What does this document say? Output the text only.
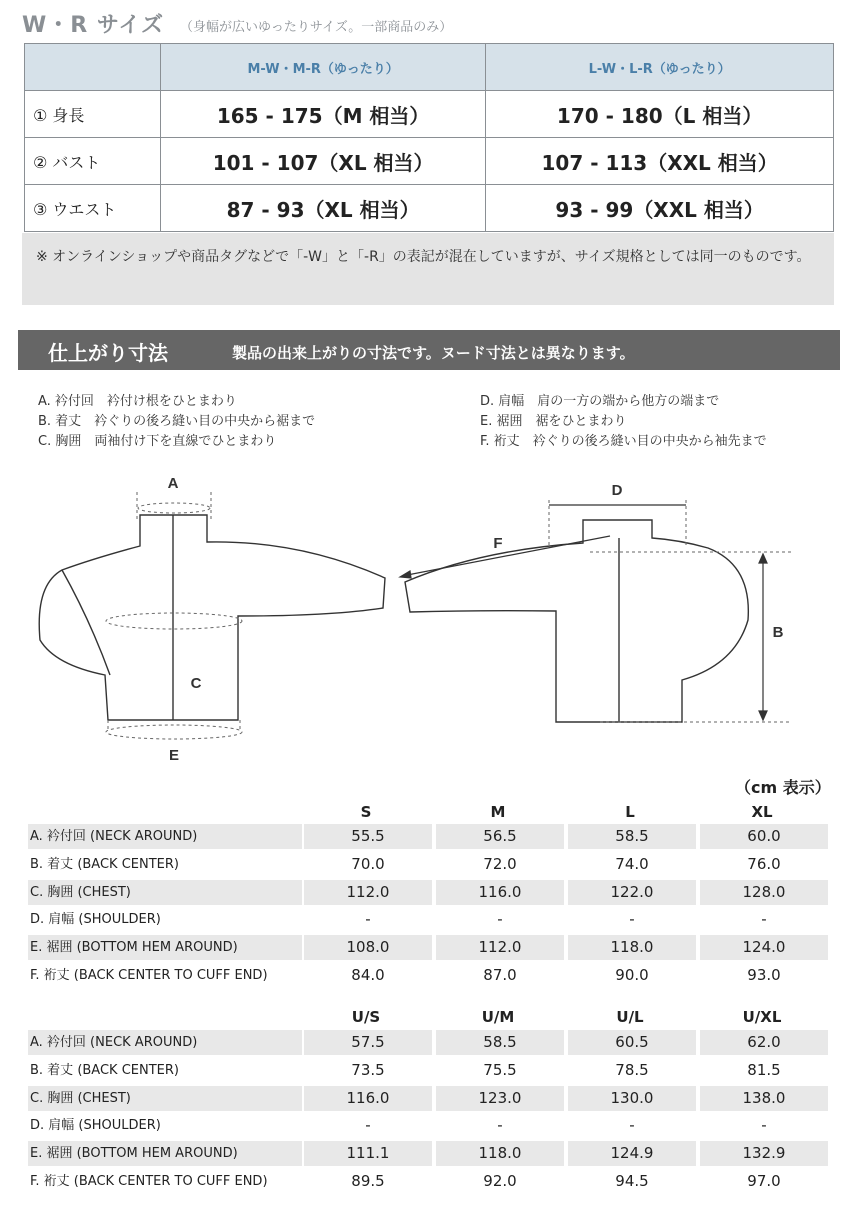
W・R サイズ （身幅が広いゆったりサイズ。一部商品のみ）
	M-W・M-R（ゆったり）	L-W・L-R（ゆったり）
① 身長	165 - 175（M 相当）	170 - 180（L 相当）
② バスト	101 - 107（XL 相当）	107 - 113（XXL 相当）
③ ウエスト	87 - 93（XL 相当）	93 - 99（XXL 相当）
※ オンラインショップや商品タグなどで「-W」と「-R」の表記が混在していますが、サイズ規格としては同一のものです。
仕上がり寸法	製品の出来上がりの寸法です。ヌード寸法とは異なります。
A. 衿付回　衿付け根をひとまわり
B. 着丈　衿ぐりの後ろ縫い目の中央から裾まで
C. 胸囲　両袖付け下を直線でひとまわり
D. 肩幅　肩の一方の端から他方の端まで
E. 裾囲　裾をひとまわり
F. 裄丈　衿ぐりの後ろ縫い目の中央から袖先まで
A
C
E
D
F
B
（cm 表示）
S	M	L	XL
A. 衿付回 (NECK AROUND)	55.5	56.5	58.5	60.0
B. 着丈 (BACK CENTER)	70.0	72.0	74.0	76.0
C. 胸囲 (CHEST)	112.0	116.0	122.0	128.0
D. 肩幅 (SHOULDER)	-	-	-	-
E. 裾囲 (BOTTOM HEM AROUND)	108.0	112.0	118.0	124.0
F. 裄丈 (BACK CENTER TO CUFF END)	84.0	87.0	90.0	93.0
U/S	U/M	U/L	U/XL
A. 衿付回 (NECK AROUND)	57.5	58.5	60.5	62.0
B. 着丈 (BACK CENTER)	73.5	75.5	78.5	81.5
C. 胸囲 (CHEST)	116.0	123.0	130.0	138.0
D. 肩幅 (SHOULDER)	-	-	-	-
E. 裾囲 (BOTTOM HEM AROUND)	111.1	118.0	124.9	132.9
F. 裄丈 (BACK CENTER TO CUFF END)	89.5	92.0	94.5	97.0
